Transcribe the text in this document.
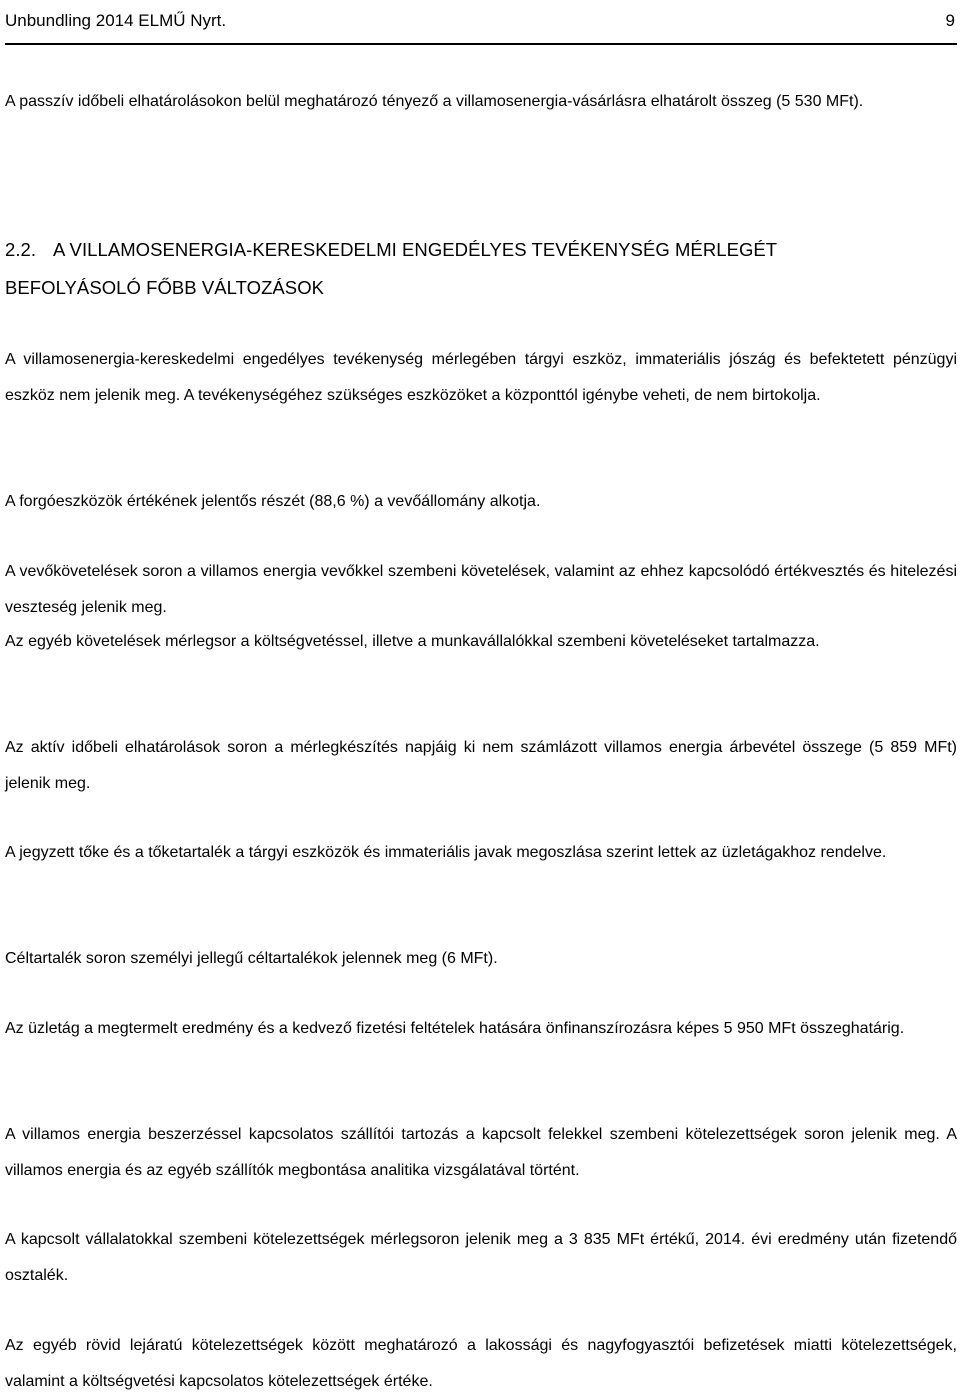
Unbundling 2014 ELMŰ Nyrt.	9

A passzív időbeli elhatárolásokon belül meghatározó tényező a villamosenergia-vásárlásra elhatárolt összeg (5 530 MFt).

2.2. A VILLAMOSENERGIA-KERESKEDELMI ENGEDÉLYES TEVÉKENYSÉG MÉRLEGÉT
BEFOLYÁSOLÓ FŐBB VÁLTOZÁSOK

A villamosenergia-kereskedelmi engedélyes tevékenység mérlegében tárgyi eszköz, immateriális jószág és befektetett pénzügyi eszköz nem jelenik meg. A tevékenységéhez szükséges eszközöket a központtól igénybe veheti, de nem birtokolja.

A forgóeszközök értékének jelentős részét (88,6 %) a vevőállomány alkotja.

A vevőkövetelések soron a villamos energia vevőkkel szembeni követelések, valamint az ehhez kapcsolódó értékvesztés és hitelezési veszteség jelenik meg.

Az egyéb követelések mérlegsor a költségvetéssel, illetve a munkavállalókkal szembeni követeléseket tartalmazza.

Az aktív időbeli elhatárolások soron a mérlegkészítés napjáig ki nem számlázott villamos energia árbevétel összege (5 859 MFt) jelenik meg.

A jegyzett tőke és a tőketartalék a tárgyi eszközök és immateriális javak megoszlása szerint lettek az üzletágakhoz rendelve.

Céltartalék soron személyi jellegű céltartalékok jelennek meg (6 MFt).

Az üzletág a megtermelt eredmény és a kedvező fizetési feltételek hatására önfinanszírozásra képes 5 950 MFt összeghatárig.

A villamos energia beszerzéssel kapcsolatos szállítói tartozás a kapcsolt felekkel szembeni kötelezettségek soron jelenik meg. A villamos energia és az egyéb szállítók megbontása analitika vizsgálatával történt.

A kapcsolt vállalatokkal szembeni kötelezettségek mérlegsoron jelenik meg a 3 835 MFt értékű, 2014. évi eredmény után fizetendő osztalék.

Az egyéb rövid lejáratú kötelezettségek között meghatározó a lakossági és nagyfogyasztói befizetések miatti kötelezettségek, valamint a költségvetési kapcsolatos kötelezettségek értéke.
